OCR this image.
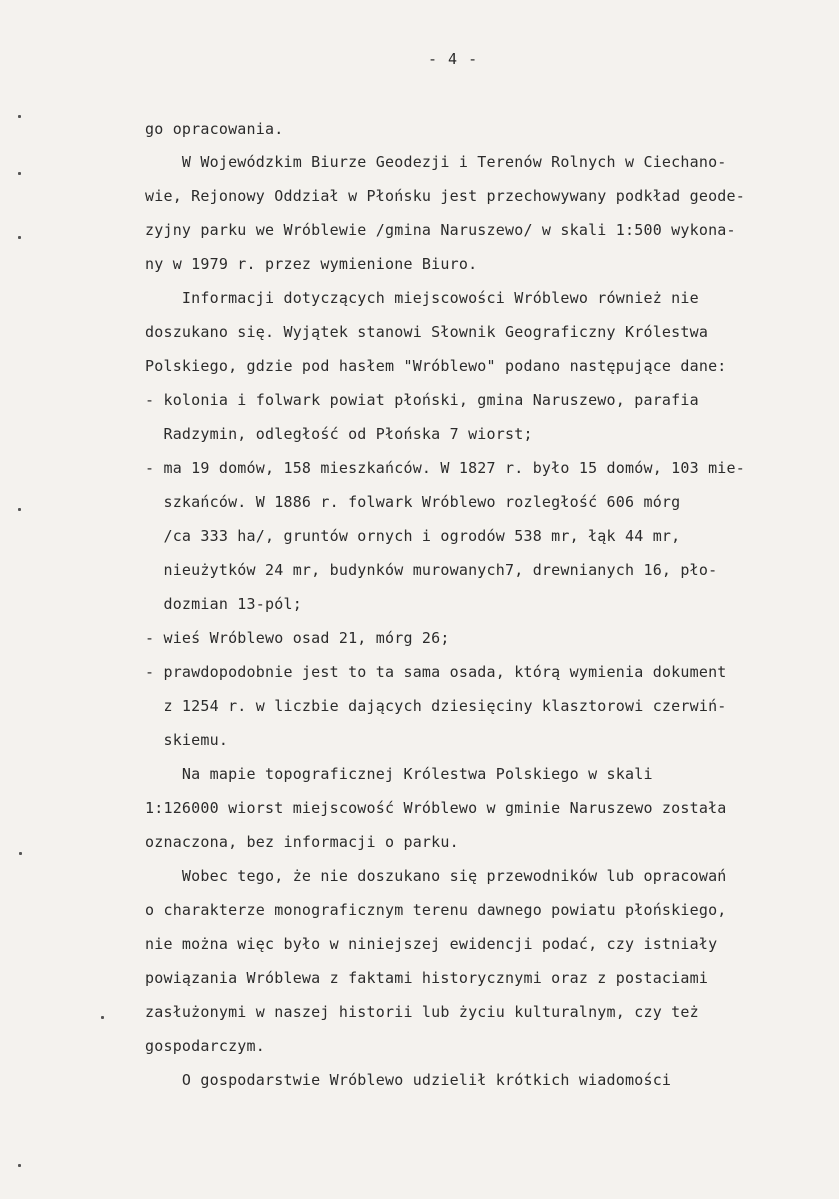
- 4 -
go opracowania.
W Wojewódzkim Biurze Geodezji i Terenów Rolnych w Ciechano-
wie, Rejonowy Oddział w Płońsku jest przechowywany podkład geode-
zyjny parku we Wróblewie /gmina Naruszewo/ w skali 1:500 wykona-
ny w 1979 r. przez wymienione Biuro.
Informacji dotyczących miejscowości Wróblewo również nie
doszukano się. Wyjątek stanowi Słownik Geograficzny Królestwa
Polskiego, gdzie pod hasłem "Wróblewo" podano następujące dane:
- kolonia i folwark powiat płoński, gmina Naruszewo, parafia
Radzymin, odległość od Płońska 7 wiorst;
- ma 19 domów, 158 mieszkańców. W 1827 r. było 15 domów, 103 mie-
szkańców. W 1886 r. folwark Wróblewo rozległość 606 mórg
/ca 333 ha/, gruntów ornych i ogrodów 538 mr, łąk 44 mr,
nieużytków 24 mr, budynków murowanych7, drewnianych 16, pło-
dozmian 13-pól;
- wieś Wróblewo osad 21, mórg 26;
- prawdopodobnie jest to ta sama osada, którą wymienia dokument
z 1254 r. w liczbie dających dziesięciny klasztorowi czerwiń-
skiemu.
Na mapie topograficznej Królestwa Polskiego w skali
1:126000 wiorst miejscowość Wróblewo w gminie Naruszewo została
oznaczona, bez informacji o parku.
Wobec tego, że nie doszukano się przewodników lub opracowań
o charakterze monograficznym terenu dawnego powiatu płońskiego,
nie można więc było w niniejszej ewidencji podać, czy istniały
powiązania Wróblewa z faktami historycznymi oraz z postaciami
zasłużonymi w naszej historii lub życiu kulturalnym, czy też
gospodarczym.
O gospodarstwie Wróblewo udzielił krótkich wiadomości
